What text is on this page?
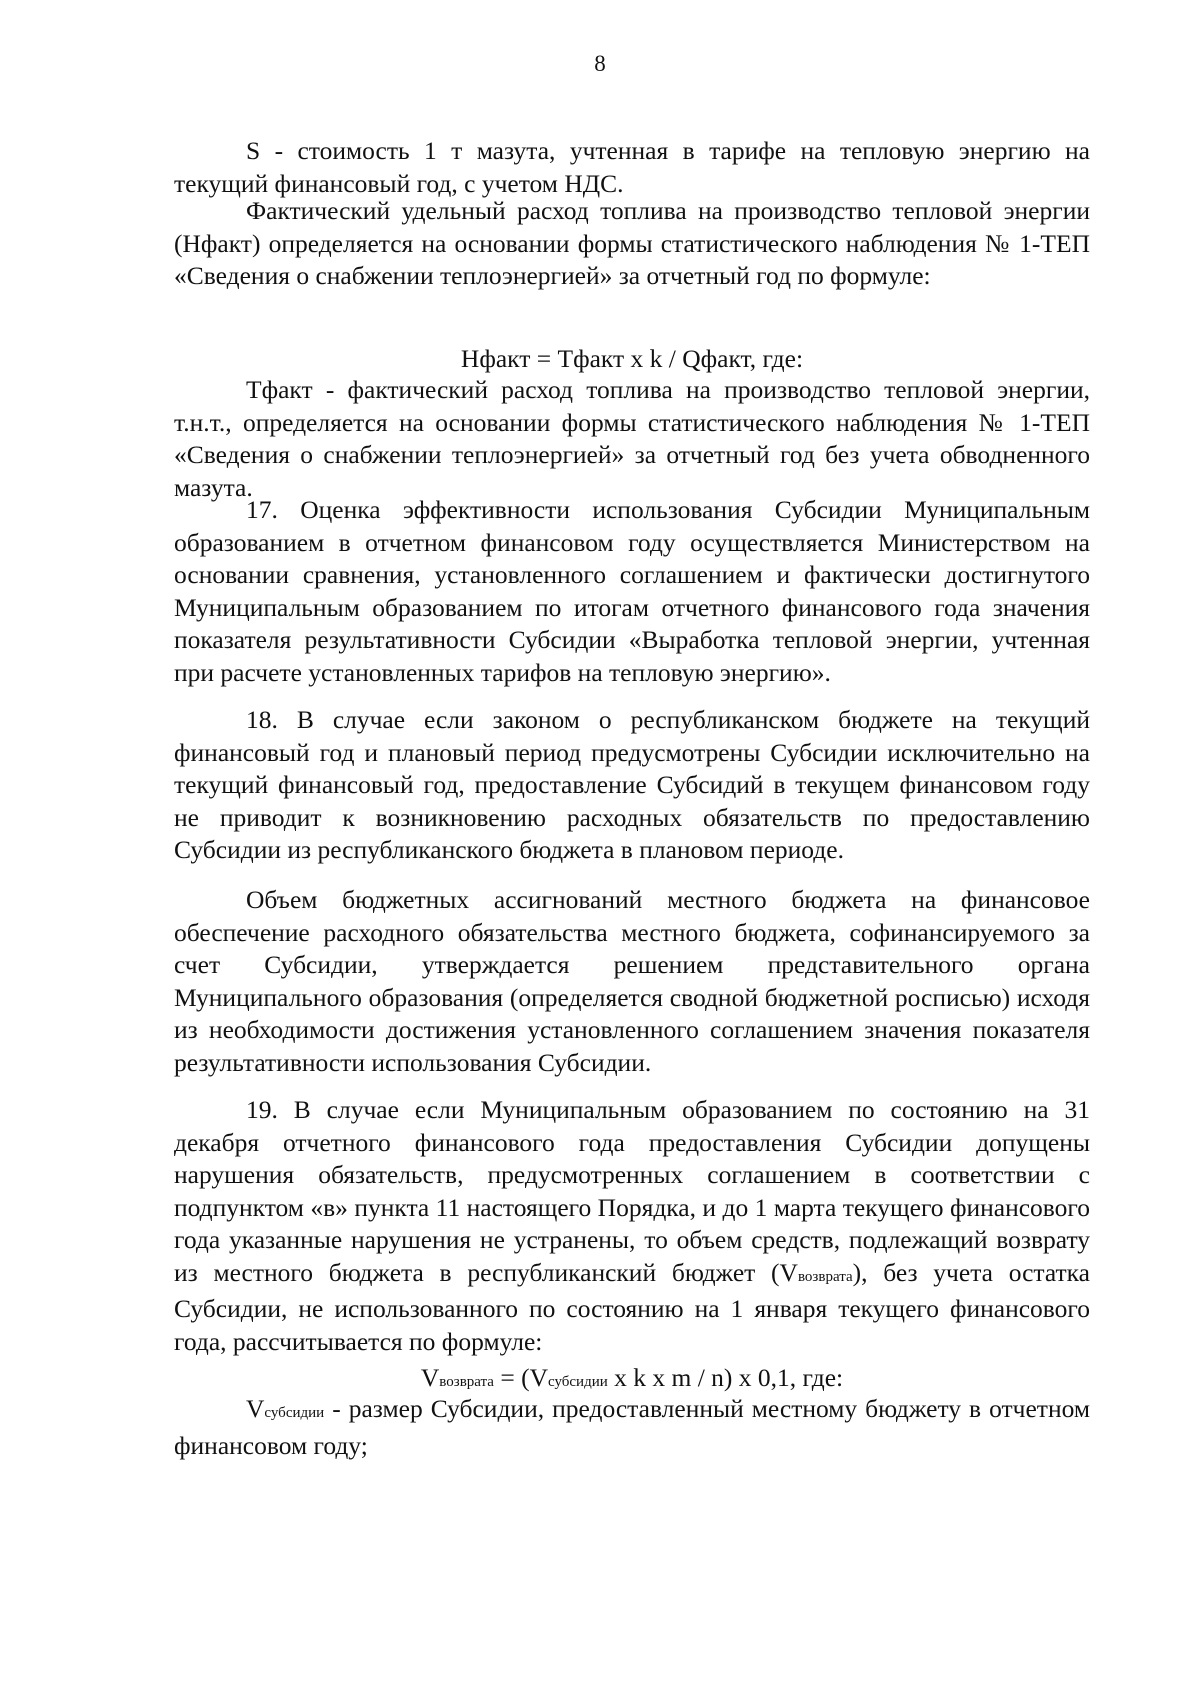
8

S - стоимость 1 т мазута, учтенная в тарифе на тепловую энергию на текущий финансовый год, с учетом НДС.

Фактический удельный расход топлива на производство тепловой энергии (Нфакт) определяется на основании формы статистического наблюдения № 1-ТЕП «Сведения о снабжении теплоэнергией» за отчетный год по формуле:

Нфакт = Тфакт x k / Qфакт, где:

Тфакт - фактический расход топлива на производство тепловой энергии, т.н.т., определяется на основании формы статистического наблюдения № 1-ТЕП «Сведения о снабжении теплоэнергией» за отчетный год без учета обводненного мазута.

17. Оценка эффективности использования Субсидии Муниципальным образованием в отчетном финансовом году осуществляется Министерством на основании сравнения, установленного соглашением и фактически достигнутого Муниципальным образованием по итогам отчетного финансового года значения показателя результативности Субсидии «Выработка тепловой энергии, учтенная при расчете установленных тарифов на тепловую энергию».

18. В случае если законом о республиканском бюджете на текущий финансовый год и плановый период предусмотрены Субсидии исключительно на текущий финансовый год, предоставление Субсидий в текущем финансовом году не приводит к возникновению расходных обязательств по предоставлению Субсидии из республиканского бюджета в плановом периоде.

Объем бюджетных ассигнований местного бюджета на финансовое обеспечение расходного обязательства местного бюджета, софинансируемого за счет Субсидии, утверждается решением представительного органа Муниципального образования (определяется сводной бюджетной росписью) исходя из необходимости достижения установленного соглашением значения показателя результативности использования Субсидии.

19. В случае если Муниципальным образованием по состоянию на 31 декабря отчетного финансового года предоставления Субсидии допущены нарушения обязательств, предусмотренных соглашением в соответствии с подпунктом «в» пункта 11 настоящего Порядка, и до 1 марта текущего финансового года указанные нарушения не устранены, то объем средств, подлежащий возврату из местного бюджета в республиканский бюджет (Vвозврата), без учета остатка Субсидии, не использованного по состоянию на 1 января текущего финансового года, рассчитывается по формуле:

Vвозврата = (Vсубсидии x k x m / n) x 0,1, где:

Vсубсидии - размер Субсидии, предоставленный местному бюджету в отчетном финансовом году;
